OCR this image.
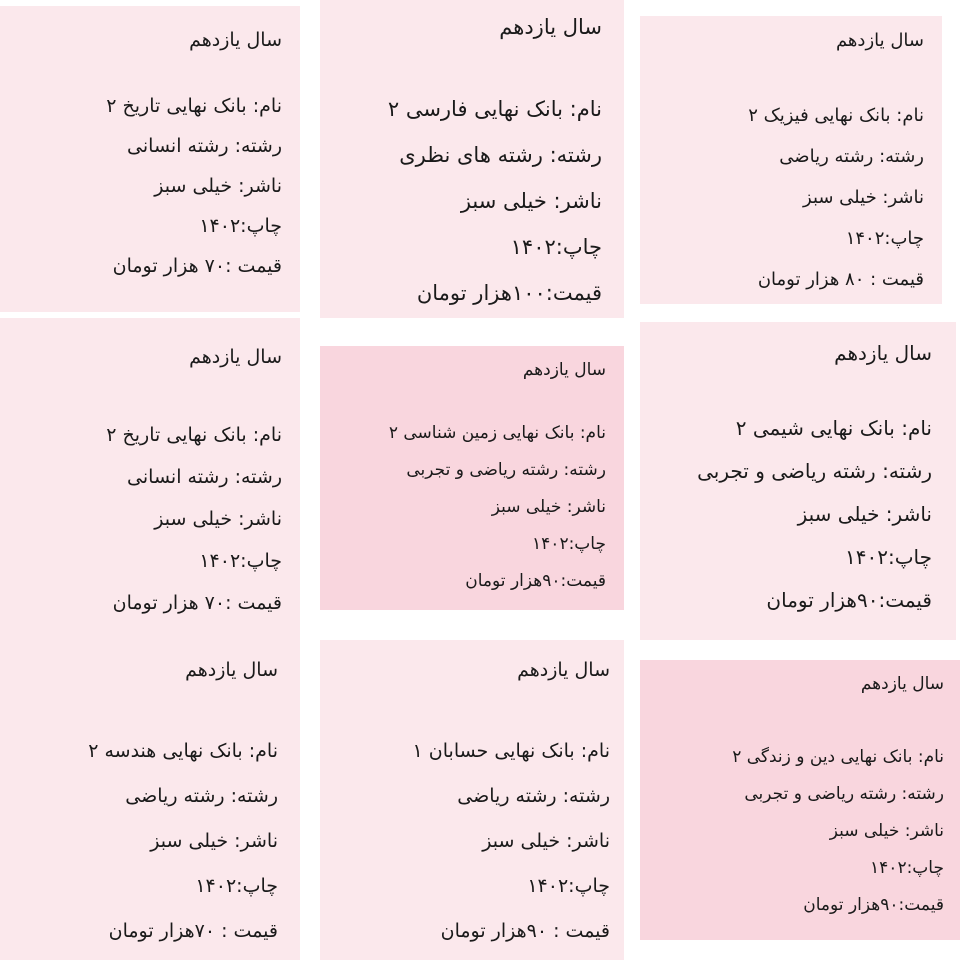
سال یازدهم
نام: بانک نهایی تاریخ ۲
رشته: رشته انسانی
ناشر: خیلی سبز
چاپ:۱۴۰۲
قیمت :۷۰ هزار تومان
سال یازدهم
نام: بانک نهایی فارسی ۲
رشته: رشته های نظری
ناشر: خیلی سبز
چاپ:۱۴۰۲
قیمت:۱۰۰هزار تومان
سال یازدهم
نام: بانک نهایی فیزیک ۲
رشته: رشته ریاضی
ناشر: خیلی سبز
چاپ:۱۴۰۲
قیمت : ۸۰ هزار تومان
سال یازدهم
نام: بانک نهایی تاریخ ۲
رشته: رشته انسانی
ناشر: خیلی سبز
چاپ:۱۴۰۲
قیمت :۷۰ هزار تومان
سال یازدهم
نام: بانک نهایی زمین شناسی ۲
رشته: رشته ریاضی و تجربی
ناشر: خیلی سبز
چاپ:۱۴۰۲
قیمت:۹۰هزار تومان
سال یازدهم
نام: بانک نهایی شیمی ۲
رشته: رشته ریاضی و تجربی
ناشر: خیلی سبز
چاپ:۱۴۰۲
قیمت:۹۰هزار تومان
سال یازدهم
نام: بانک نهایی هندسه ۲
رشته: رشته ریاضی
ناشر: خیلی سبز
چاپ:۱۴۰۲
قیمت : ۷۰هزار تومان
سال یازدهم
نام: بانک نهایی حسابان ۱
رشته: رشته ریاضی
ناشر: خیلی سبز
چاپ:۱۴۰۲
قیمت : ۹۰هزار تومان
سال یازدهم
نام: بانک نهایی دین و زندگی ۲
رشته: رشته ریاضی و تجربی
ناشر: خیلی سبز
چاپ:۱۴۰۲
قیمت:۹۰هزار تومان
